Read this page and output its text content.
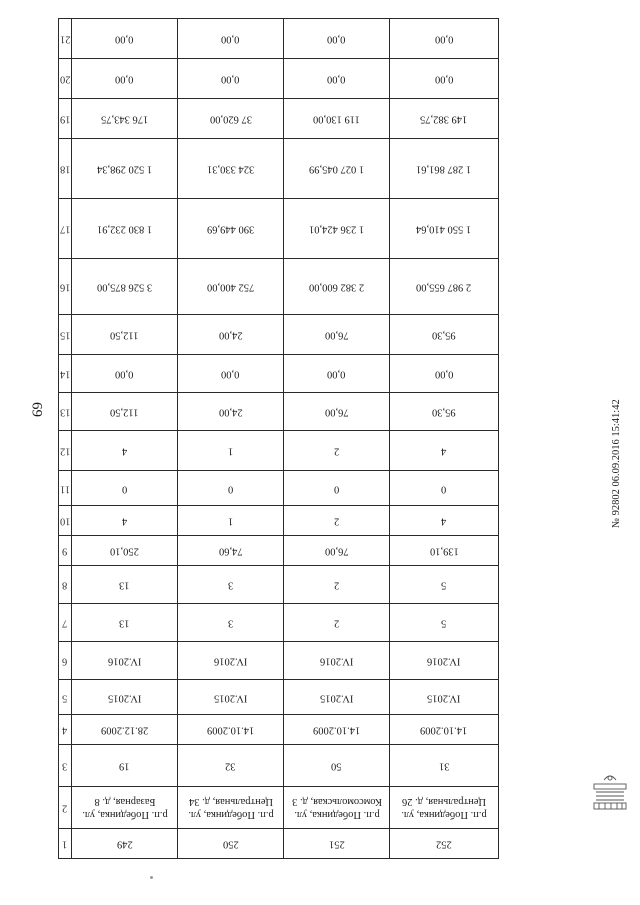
69
21	0,00	0,00	0,00	0,00
20	0,00	0,00	0,00	0,00
19	176 343,75	37 620,00	119 130,00	149 382,75
18	1 520 298,34	324 330,31	1 027 045,99	1 287 861,61
17	1 830 232,91	390 449,69	1 236 424,01	1 550 410,64
16	3 526 875,00	752 400,00	2 382 600,00	2 987 655,00
15	112,50	24,00	76,00	95,30
14	0,00	0,00	0,00	0,00
13	112,50	24,00	76,00	95,30
12	4	1	2	4
11	0	0	0	0
10	4	1	2	4
9	250,10	74,60	76,00	139,10
8	13	3	2	5
7	13	3	2	5
6	IV.2016	IV.2016	IV.2016	IV.2016
5	IV.2015	IV.2015	IV.2015	IV.2015
4	28.12.2009	14.10.2009	14.10.2009	14.10.2009
3	19	32	50	31
2	р.п. Побединка, ул. Базарная, д. 8	р.п. Побединка, ул. Центральная, д. 34	р.п. Побединка, ул. Комсомольская, д. 3	р.п. Побединка, ул. Центральная, д. 26
1	249	250	251	252
№ 92802 06.09.2016 15:41:42
